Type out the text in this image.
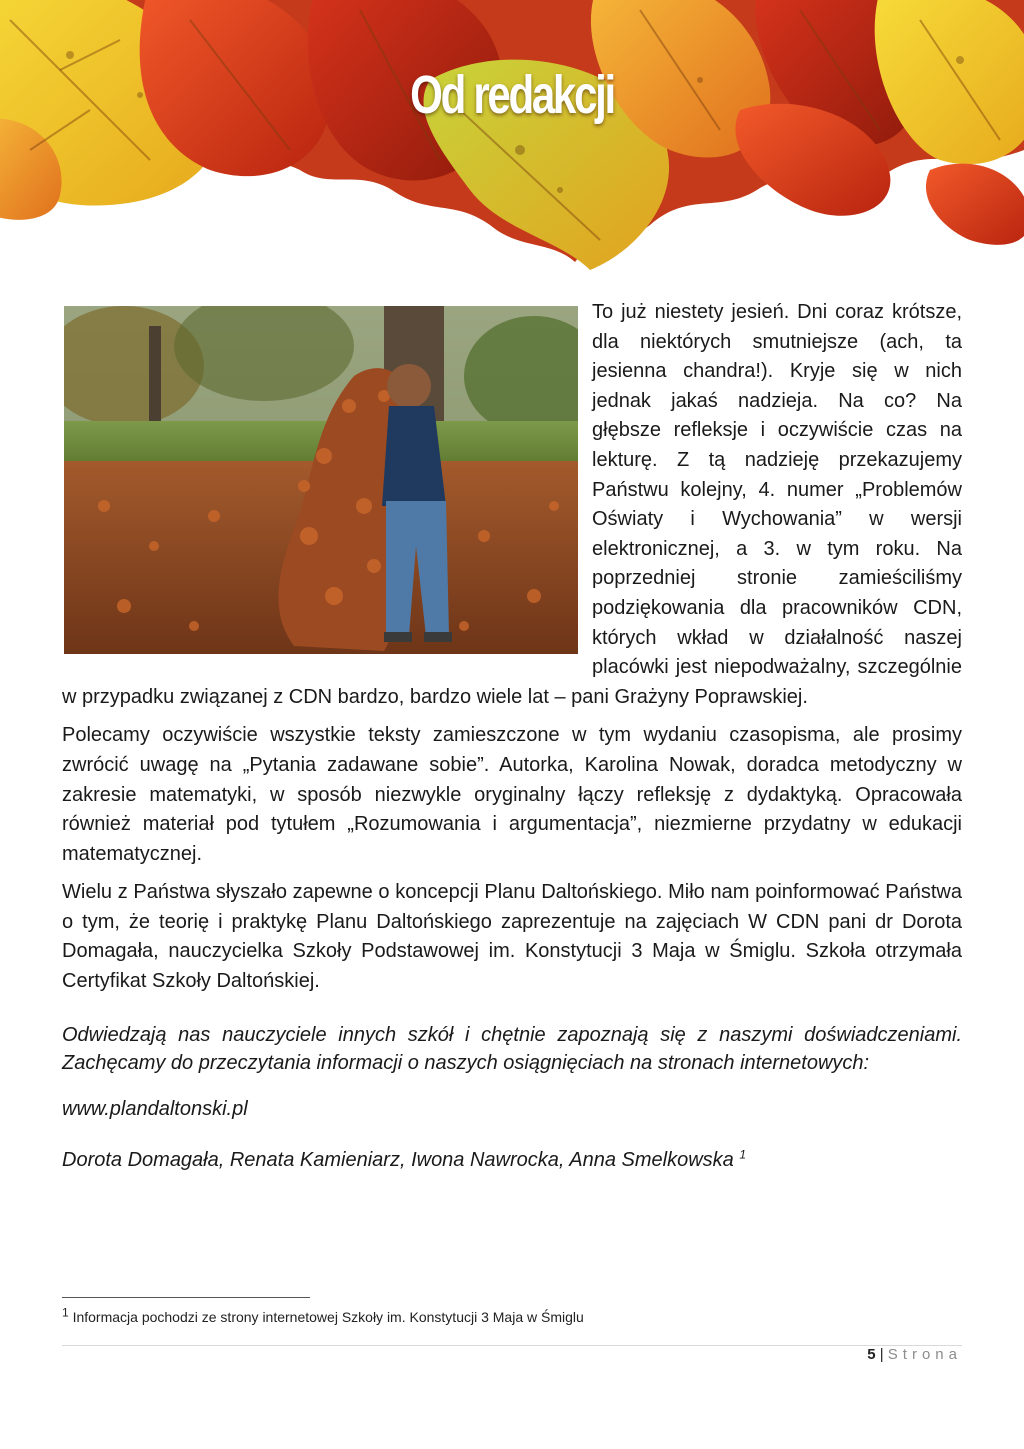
Od redakcji

To już niestety jesień. Dni coraz krótsze, dla niektórych smutniejsze (ach, ta jesienna chandra!). Kryje się w nich jednak jakaś nadzieja. Na co? Na głębsze refleksje i oczywiście czas na lekturę. Z tą nadzieję przekazujemy Państwu kolejny, 4. numer „Problemów Oświaty i Wychowania” w wersji elektronicznej, a 3. w tym roku. Na poprzedniej stronie zamieściliśmy podziękowania dla pracowników CDN, których wkład w działalność naszej placówki jest niepodważalny, szczególnie w przypadku związanej z CDN bardzo, bardzo wiele lat – pani Grażyny Poprawskiej.

Polecamy oczywiście wszystkie teksty zamieszczone w tym wydaniu czasopisma, ale prosimy zwrócić uwagę na „Pytania zadawane sobie”. Autorka, Karolina Nowak, doradca metodyczny w zakresie matematyki, w sposób niezwykle oryginalny łączy refleksję z dydaktyką. Opracowała również materiał pod tytułem „Rozumowania i argumentacja”, niezmierne przydatny w edukacji matematycznej.

Wielu z Państwa słyszało zapewne o koncepcji Planu Daltońskiego. Miło nam poinformować Państwa o tym, że teorię i praktykę Planu Daltońskiego zaprezentuje na zajęciach W CDN pani dr Dorota Domagała, nauczycielka Szkoły Podstawowej im. Konstytucji 3 Maja w Śmiglu. Szkoła otrzymała Certyfikat Szkoły Daltońskiej.

Odwiedzają nas nauczyciele innych szkół i chętnie zapoznają się z naszymi doświadczeniami. Zachęcamy do przeczytania informacji o naszych osiągnięciach na stronach internetowych:

www.plandaltonski.pl

Dorota Domagała, Renata Kamieniarz, Iwona Nawrocka, Anna Smelkowska $^1$

$^1$ Informacja pochodzi ze strony internetowej Szkoły im. Konstytucji 3 Maja w Śmiglu
5 | Strona
